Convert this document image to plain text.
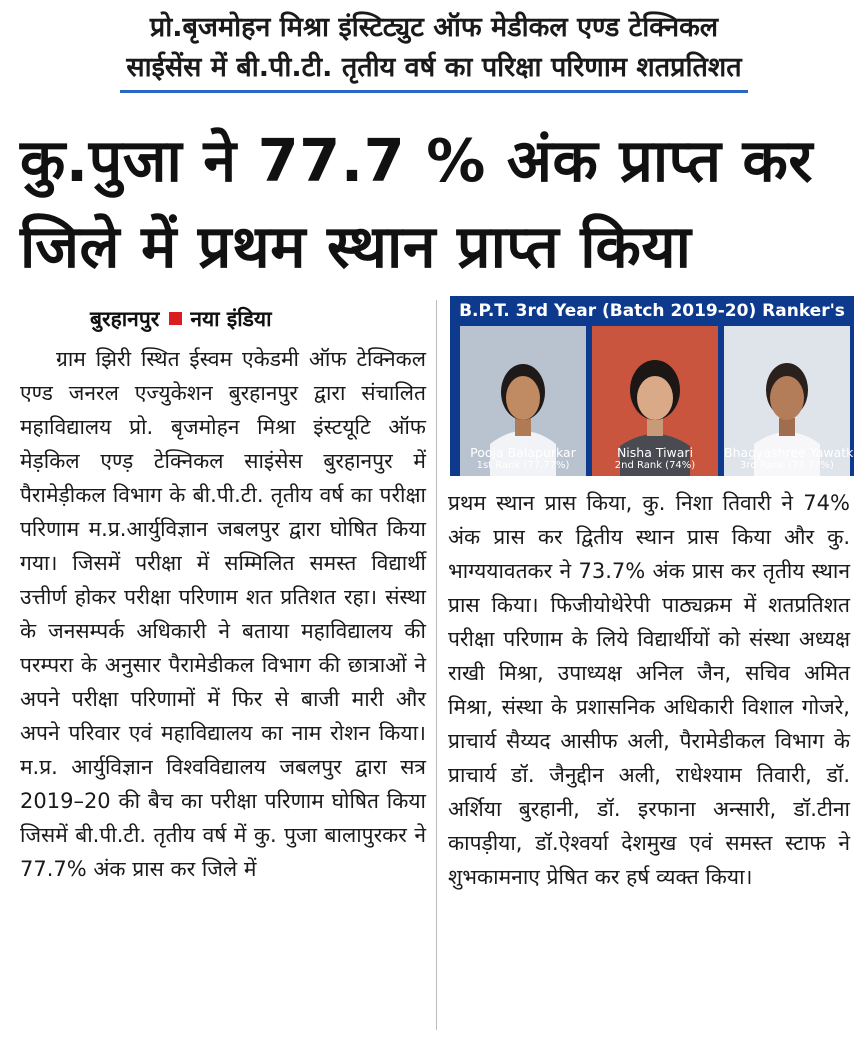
प्रो.बृजमोहन मिश्रा इंस्टिट्युट ऑफ मेडीकल एण्ड टेक्निकल
साईसेंस में बी.पी.टी. तृतीय वर्ष का परिक्षा परिणाम शतप्रतिशत
कु.पुजा ने 77.7 % अंक प्राप्त कर
जिले में प्रथम स्थान प्राप्त किया
बुरहानपुर नया इंडिया

ग्राम झिरी स्थित ईस्वम एकेडमी ऑफ टेक्निकल एण्ड जनरल एज्युकेशन बुरहानपुर द्वारा संचालित महाविद्यालय प्रो. बृजमोहन मिश्रा इंस्टयूटि ऑफ मेड़किल एण्ड़ टेक्निकल साइंसेस बुरहानपुर में पैरामेड़ीकल विभाग के बी.पी.टी. तृतीय वर्ष का परीक्षा परिणाम म.प्र.आर्युविज्ञान जबलपुर द्वारा घोषित किया गया। जिसमें परीक्षा में सम्मिलित समस्त विद्यार्थी उत्तीर्ण होकर परीक्षा परिणाम शत प्रतिशत रहा। संस्था के जनसम्पर्क अधिकारी ने बताया महाविद्यालय की परम्परा के अनुसार पैरामेडीकल विभाग की छात्राओं ने अपने परीक्षा परिणामों में फिर से बाजी मारी और अपने परिवार एवं महाविद्यालय का नाम रोशन किया। म.प्र. आर्युविज्ञान विश्वविद्यालय जबलपुर द्वारा सत्र 2019–20 की बैच का परीक्षा परिणाम घोषित किया जिसमें बी.पी.टी. तृतीय वर्ष में कु. पुजा बालापुरकर ने 77.7% अंक प्रास कर जिले में

B.P.T. 3rd Year (Batch 2019-20) Ranker's
Pooja Balapurkar
1st Rank (77.77%)
Nisha Tiwari
2nd Rank (74%)
Bhagyashree Yawatkar
3rd Rank (73.77%)

प्रथम स्थान प्रास किया, कु. निशा तिवारी ने 74% अंक प्रास कर द्वितीय स्थान प्रास किया और कु. भाग्ययावतकर ने 73.7% अंक प्रास कर तृतीय स्थान प्रास किया। फिजीयोथेरेपी पाठ्यक्रम में शतप्रतिशत परीक्षा परिणाम के लिये विद्यार्थीयों को संस्था अध्यक्ष राखी मिश्रा, उपाध्यक्ष अनिल जैन, सचिव अमित मिश्रा, संस्था के प्रशासनिक अधिकारी विशाल गोजरे, प्राचार्य सैय्यद आसीफ अली, पैरामेडीकल विभाग के प्राचार्य डॉ. जैनुद्दीन अली, राधेश्याम तिवारी, डॉ. अर्शिया बुरहानी, डॉ. इरफाना अन्सारी, डॉ.टीना कापड़ीया, डॉ.ऐश्वर्या देशमुख एवं समस्त स्टाफ ने शुभकामनाए प्रेषित कर हर्ष व्यक्त किया।
